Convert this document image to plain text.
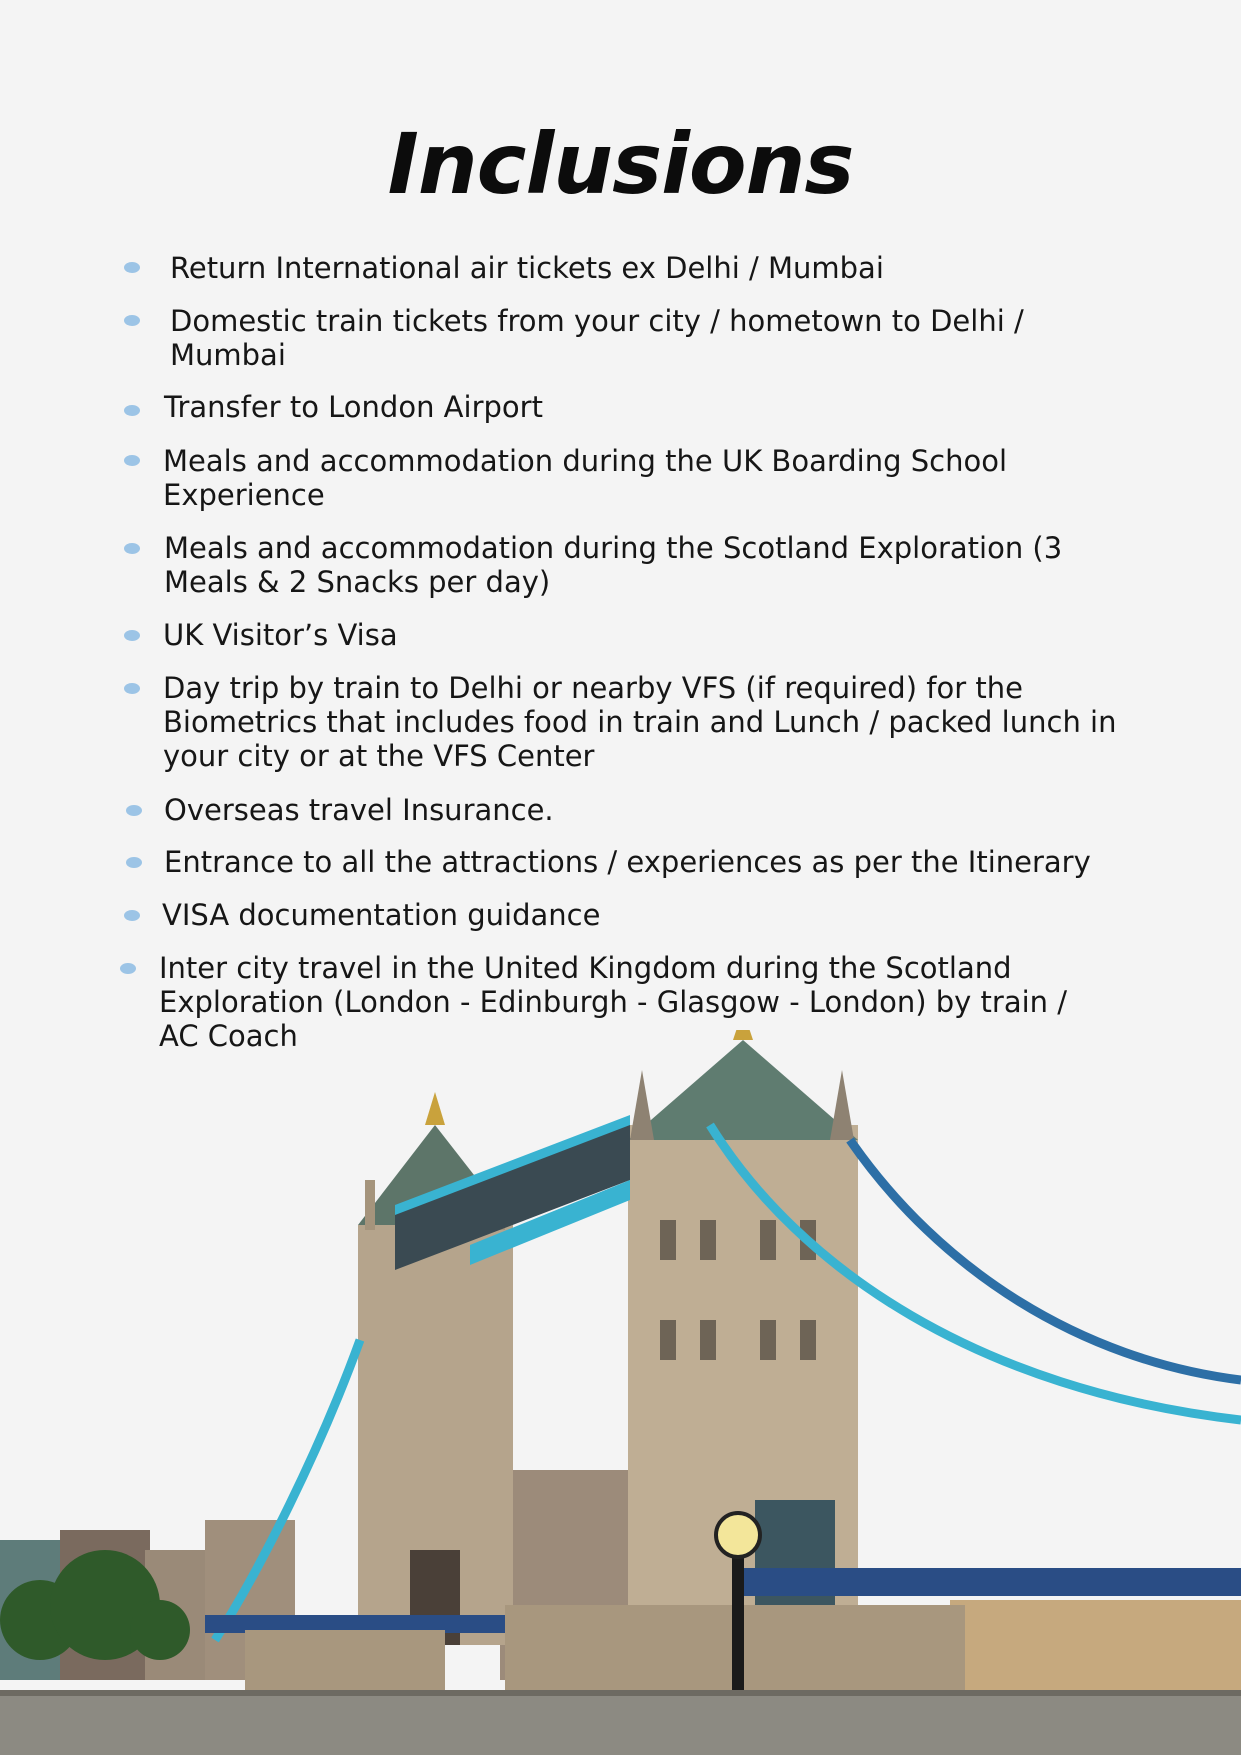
Inclusions
Return International air tickets ex Delhi / Mumbai
Domestic train tickets from your city / hometown to Delhi / Mumbai
Transfer to London Airport
Meals and accommodation during the UK Boarding School Experience
Meals and accommodation during the Scotland Exploration (3 Meals & 2 Snacks per day)
UK Visitor’s Visa
Day trip by train to Delhi or nearby VFS (if required) for the Biometrics that includes food in train and Lunch / packed lunch in your city or at the VFS Center
Overseas travel Insurance.
Entrance to all the attractions / experiences as per the Itinerary
VISA documentation guidance
Inter city travel in the United Kingdom during the Scotland Exploration (London - Edinburgh - Glasgow - London) by train / AC Coach
